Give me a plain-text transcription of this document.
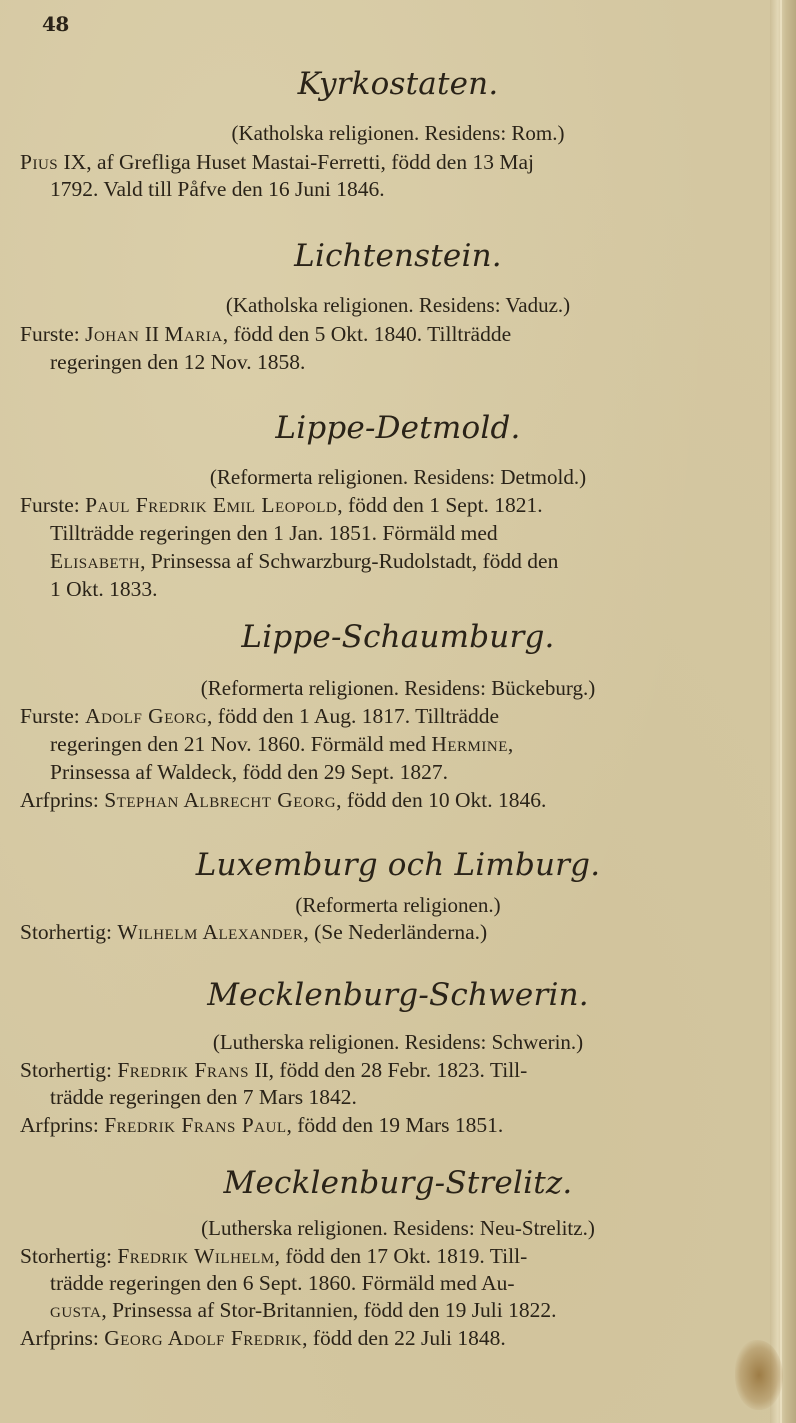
48
Kyrkostaten.
(Katholska religionen. Residens: Rom.)
Pius IX, af Grefliga Huset Mastai-Ferretti, född den 13 Maj
1792. Vald till Påfve den 16 Juni 1846.
Lichtenstein.
(Katholska religionen. Residens: Vaduz.)
Furste: Johan II Maria, född den 5 Okt. 1840. Tillträdde
regeringen den 12 Nov. 1858.
Lippe-Detmold.
(Reformerta religionen. Residens: Detmold.)
Furste: Paul Fredrik Emil Leopold, född den 1 Sept. 1821.
Tillträdde regeringen den 1 Jan. 1851. Förmäld med
Elisabeth, Prinsessa af Schwarzburg-Rudolstadt, född den
1 Okt. 1833.
Lippe-Schaumburg.
(Reformerta religionen. Residens: Bückeburg.)
Furste: Adolf Georg, född den 1 Aug. 1817. Tillträdde
regeringen den 21 Nov. 1860. Förmäld med Hermine,
Prinsessa af Waldeck, född den 29 Sept. 1827.
Arfprins: Stephan Albrecht Georg, född den 10 Okt. 1846.
Luxemburg och Limburg.
(Reformerta religionen.)
Storhertig: Wilhelm Alexander, (Se Nederländerna.)
Mecklenburg-Schwerin.
(Lutherska religionen. Residens: Schwerin.)
Storhertig: Fredrik Frans II, född den 28 Febr. 1823. Till-
trädde regeringen den 7 Mars 1842.
Arfprins: Fredrik Frans Paul, född den 19 Mars 1851.
Mecklenburg-Strelitz.
(Lutherska religionen. Residens: Neu-Strelitz.)
Storhertig: Fredrik Wilhelm, född den 17 Okt. 1819. Till-
trädde regeringen den 6 Sept. 1860. Förmäld med Au-
gusta, Prinsessa af Stor-Britannien, född den 19 Juli 1822.
Arfprins: Georg Adolf Fredrik, född den 22 Juli 1848.
